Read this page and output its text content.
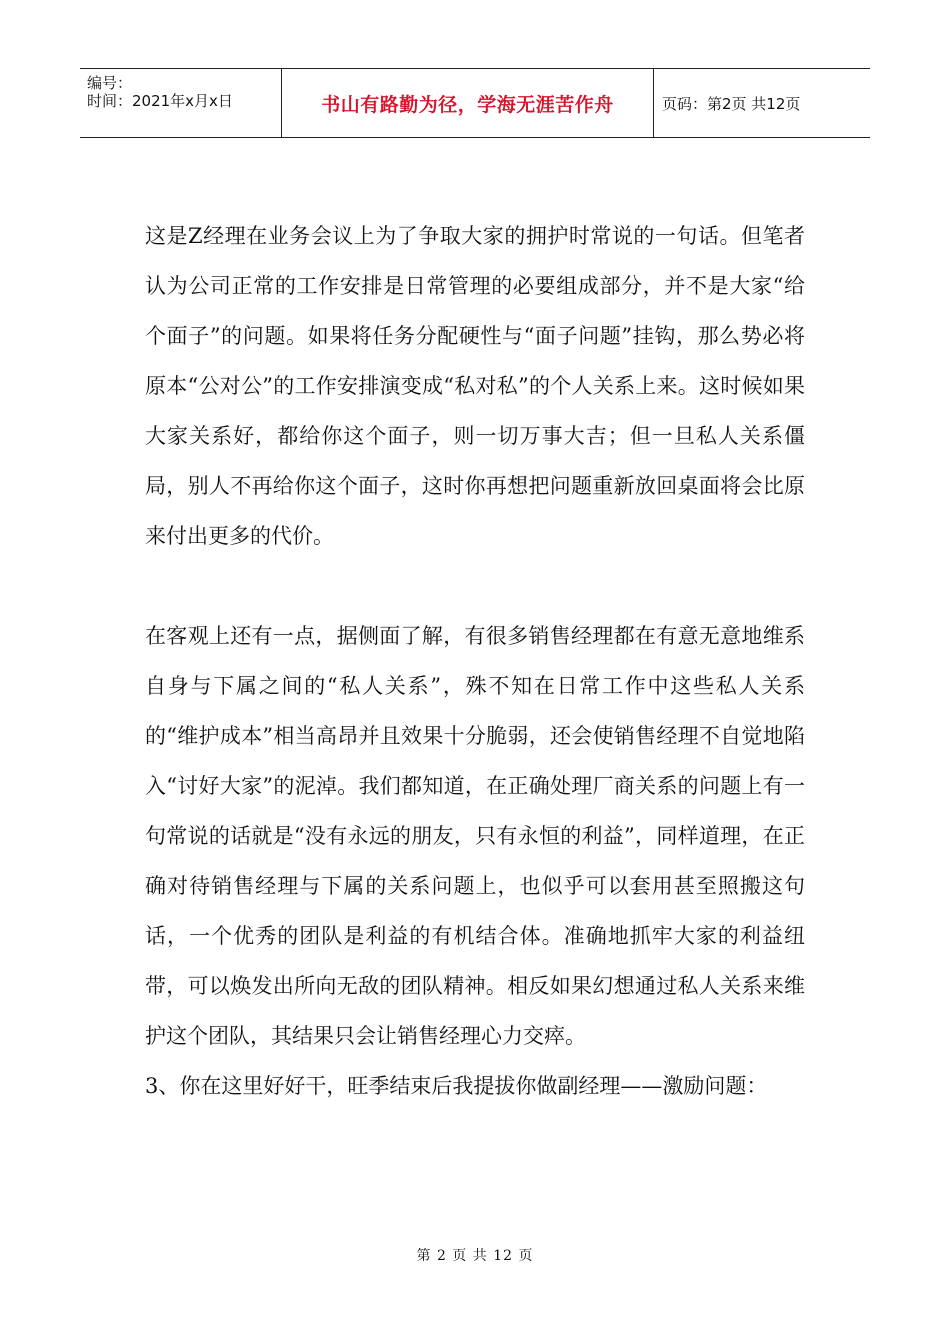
编号：
时间：2021年x月x日	书山有路勤为径，学海无涯苦作舟	页码：第2页 共12页

这是Z经理在业务会议上为了争取大家的拥护时常说的一句话。但笔者认为公司正常的工作安排是日常管理的必要组成部分，并不是大家“给个面子”的问题。如果将任务分配硬性与“面子问题”挂钩，那么势必将原本“公对公”的工作安排演变成“私对私”的个人关系上来。这时候如果大家关系好，都给你这个面子，则一切万事大吉；但一旦私人关系僵局，别人不再给你这个面子，这时你再想把问题重新放回桌面将会比原来付出更多的代价。

在客观上还有一点，据侧面了解，有很多销售经理都在有意无意地维系自身与下属之间的“私人关系”，殊不知在日常工作中这些私人关系的“维护成本”相当高昂并且效果十分脆弱，还会使销售经理不自觉地陷入“讨好大家”的泥淖。我们都知道，在正确处理厂商关系的问题上有一句常说的话就是“没有永远的朋友，只有永恒的利益”，同样道理，在正确对待销售经理与下属的关系问题上，也似乎可以套用甚至照搬这句话，一个优秀的团队是利益的有机结合体。准确地抓牢大家的利益纽带，可以焕发出所向无敌的团队精神。相反如果幻想通过私人关系来维护这个团队，其结果只会让销售经理心力交瘁。

3、你在这里好好干，旺季结束后我提拔你做副经理——激励问题：

第 2 页 共 12 页
